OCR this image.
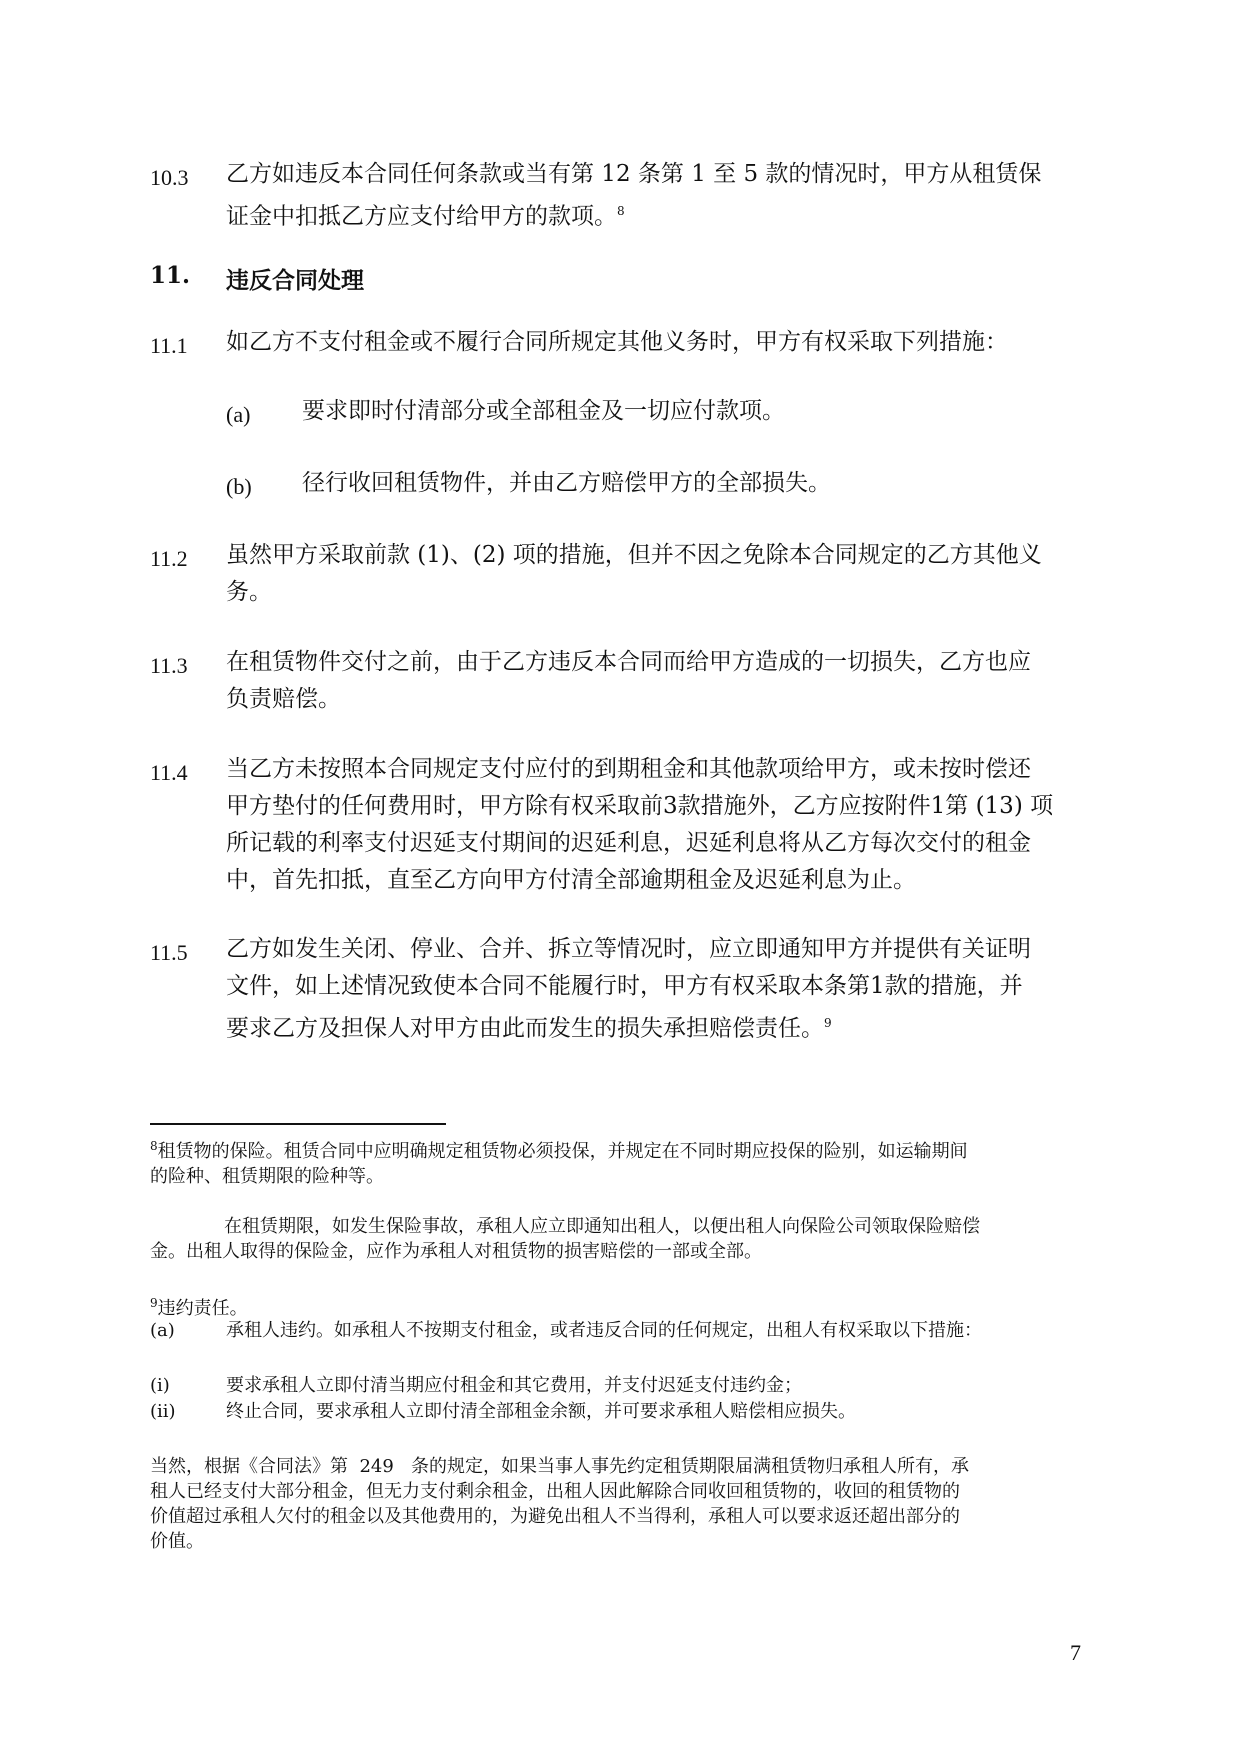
10.3 乙方如违反本合同任何条款或当有第 12 条第 1 至 5 款的情况时，甲方从租赁保
证金中扣抵乙方应支付给甲方的款项。$^8$
11. 违反合同处理
11.1 如乙方不支付租金或不履行合同所规定其他义务时，甲方有权采取下列措施：
(a) 要求即时付清部分或全部租金及一切应付款项。
(b) 径行收回租赁物件，并由乙方赔偿甲方的全部损失。
11.2 虽然甲方采取前款 (1)、(2) 项的措施，但并不因之免除本合同规定的乙方其他义
务。
11.3 在租赁物件交付之前，由于乙方违反本合同而给甲方造成的一切损失，乙方也应
负责赔偿。
11.4 当乙方未按照本合同规定支付应付的到期租金和其他款项给甲方，或未按时偿还
甲方垫付的任何费用时，甲方除有权采取前3款措施外，乙方应按附件1第 (13) 项
所记载的利率支付迟延支付期间的迟延利息，迟延利息将从乙方每次交付的租金
中，首先扣抵，直至乙方向甲方付清全部逾期租金及迟延利息为止。
11.5 乙方如发生关闭、停业、合并、拆立等情况时，应立即通知甲方并提供有关证明
文件，如上述情况致使本合同不能履行时，甲方有权采取本条第1款的措施，并
要求乙方及担保人对甲方由此而发生的损失承担赔偿责任。$^9$
$^8$租赁物的保险。租赁合同中应明确规定租赁物必须投保，并规定在不同时期应投保的险别，如运输期间
的险种、租赁期限的险种等。
在租赁期限，如发生保险事故，承租人应立即通知出租人，以便出租人向保险公司领取保险赔偿
金。出租人取得的保险金，应作为承租人对租赁物的损害赔偿的一部或全部。
$^9$违约责任。
(a)	承租人违约。如承租人不按期支付租金，或者违反合同的任何规定，出租人有权采取以下措施：
(i)	要求承租人立即付清当期应付租金和其它费用，并支付迟延支付违约金；
(ii)	终止合同，要求承租人立即付清全部租金余额，并可要求承租人赔偿相应损失。
当然，根据《合同法》第  249   条的规定，如果当事人事先约定租赁期限届满租赁物归承租人所有，承
租人已经支付大部分租金，但无力支付剩余租金，出租人因此解除合同收回租赁物的，收回的租赁物的
价值超过承租人欠付的租金以及其他费用的，为避免出租人不当得利，承租人可以要求返还超出部分的
价值。
7
